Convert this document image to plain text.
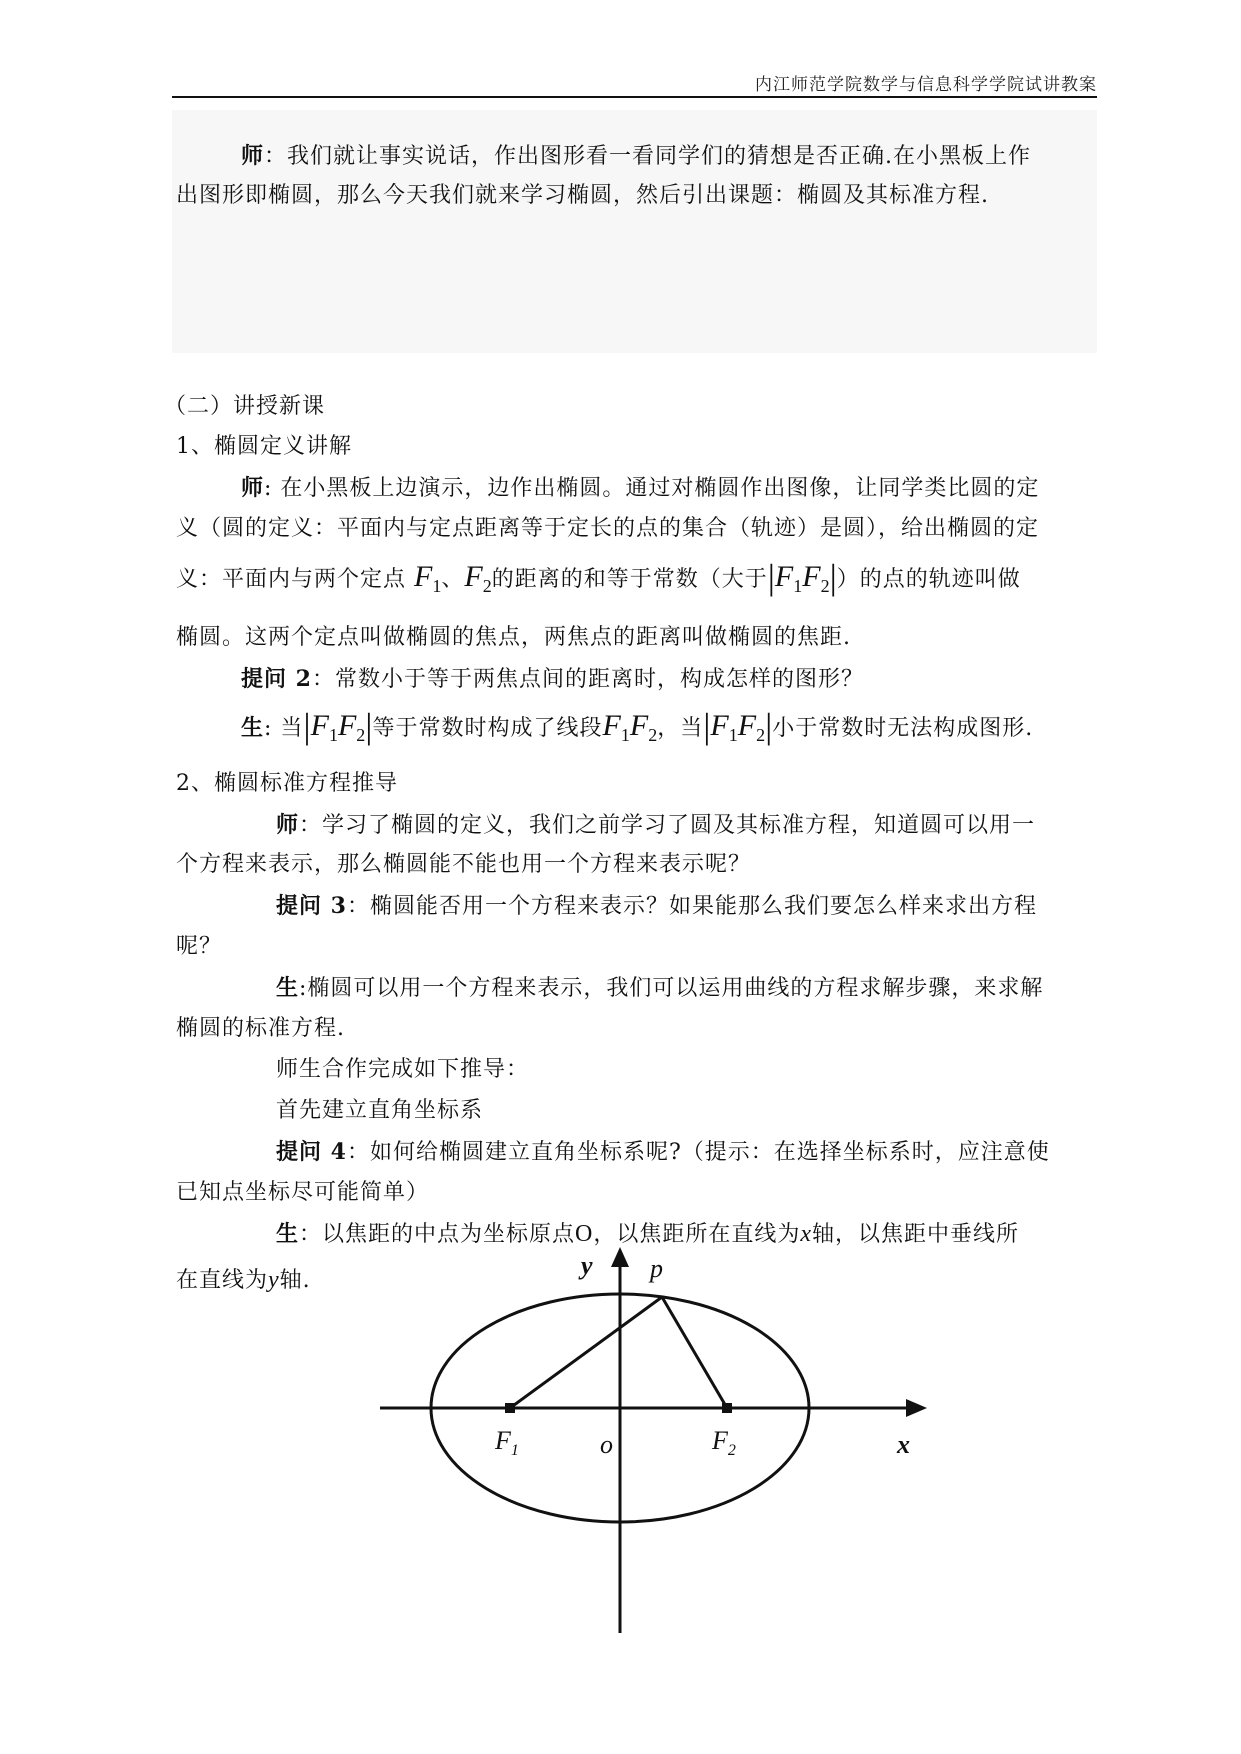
内江师范学院数学与信息科学学院试讲教案
师：我们就让事实说话，作出图形看一看同学们的猜想是否正确.在小黑板上作
出图形即椭圆，那么今天我们就来学习椭圆，然后引出课题：椭圆及其标准方程.
（二）讲授新课
1、椭圆定义讲解
师: 在小黑板上边演示，边作出椭圆。通过对椭圆作出图像，让同学类比圆的定
义（圆的定义：平面内与定点距离等于定长的点的集合（轨迹）是圆），给出椭圆的定
义：平面内与两个定点 $F_1$、$F_2$的距离的和等于常数（大于$|F_1F_2|$）的点的轨迹叫做
椭圆。这两个定点叫做椭圆的焦点，两焦点的距离叫做椭圆的焦距.
提问 2：常数小于等于两焦点间的距离时，构成怎样的图形？
生: 当$|F_1F_2|$等于常数时构成了线段$F_1F_2$，当$|F_1F_2|$小于常数时无法构成图形.
2、椭圆标准方程推导
师：学习了椭圆的定义，我们之前学习了圆及其标准方程，知道圆可以用一
个方程来表示，那么椭圆能不能也用一个方程来表示呢？
提问 3：椭圆能否用一个方程来表示？如果能那么我们要怎么样来求出方程
呢？
生:椭圆可以用一个方程来表示，我们可以运用曲线的方程求解步骤，来求解
椭圆的标准方程.
师生合作完成如下推导：
首先建立直角坐标系
提问 4：如何给椭圆建立直角坐标系呢?（提示：在选择坐标系时，应注意使
已知点坐标尽可能简单）
生：以焦距的中点为坐标原点O，以焦距所在直线为x轴，以焦距中垂线所
在直线为y轴.
y
x
p
$F_1$	$F_2$
o
